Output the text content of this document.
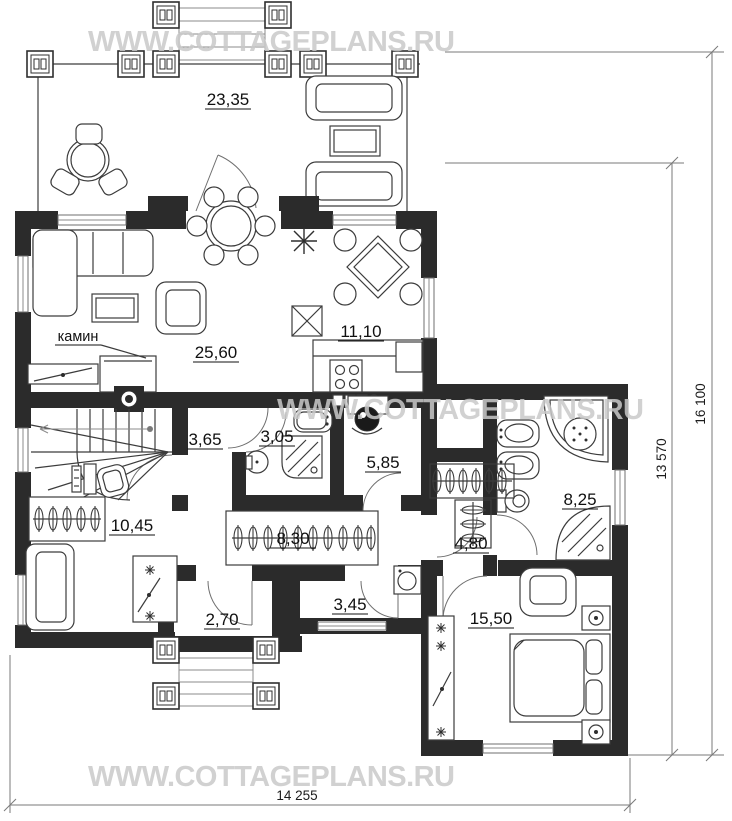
16 100
13 570
14 255
WWW.COTTAGEPLANS.RU
WWW.COTTAGEPLANS.RU
WWW.COTTAGEPLANS.RU
23,35
25,60
11,10
3,65 3,05
5,85
10,45
8,30	4,80
8,25
2,70
3,45
15,50
камин
